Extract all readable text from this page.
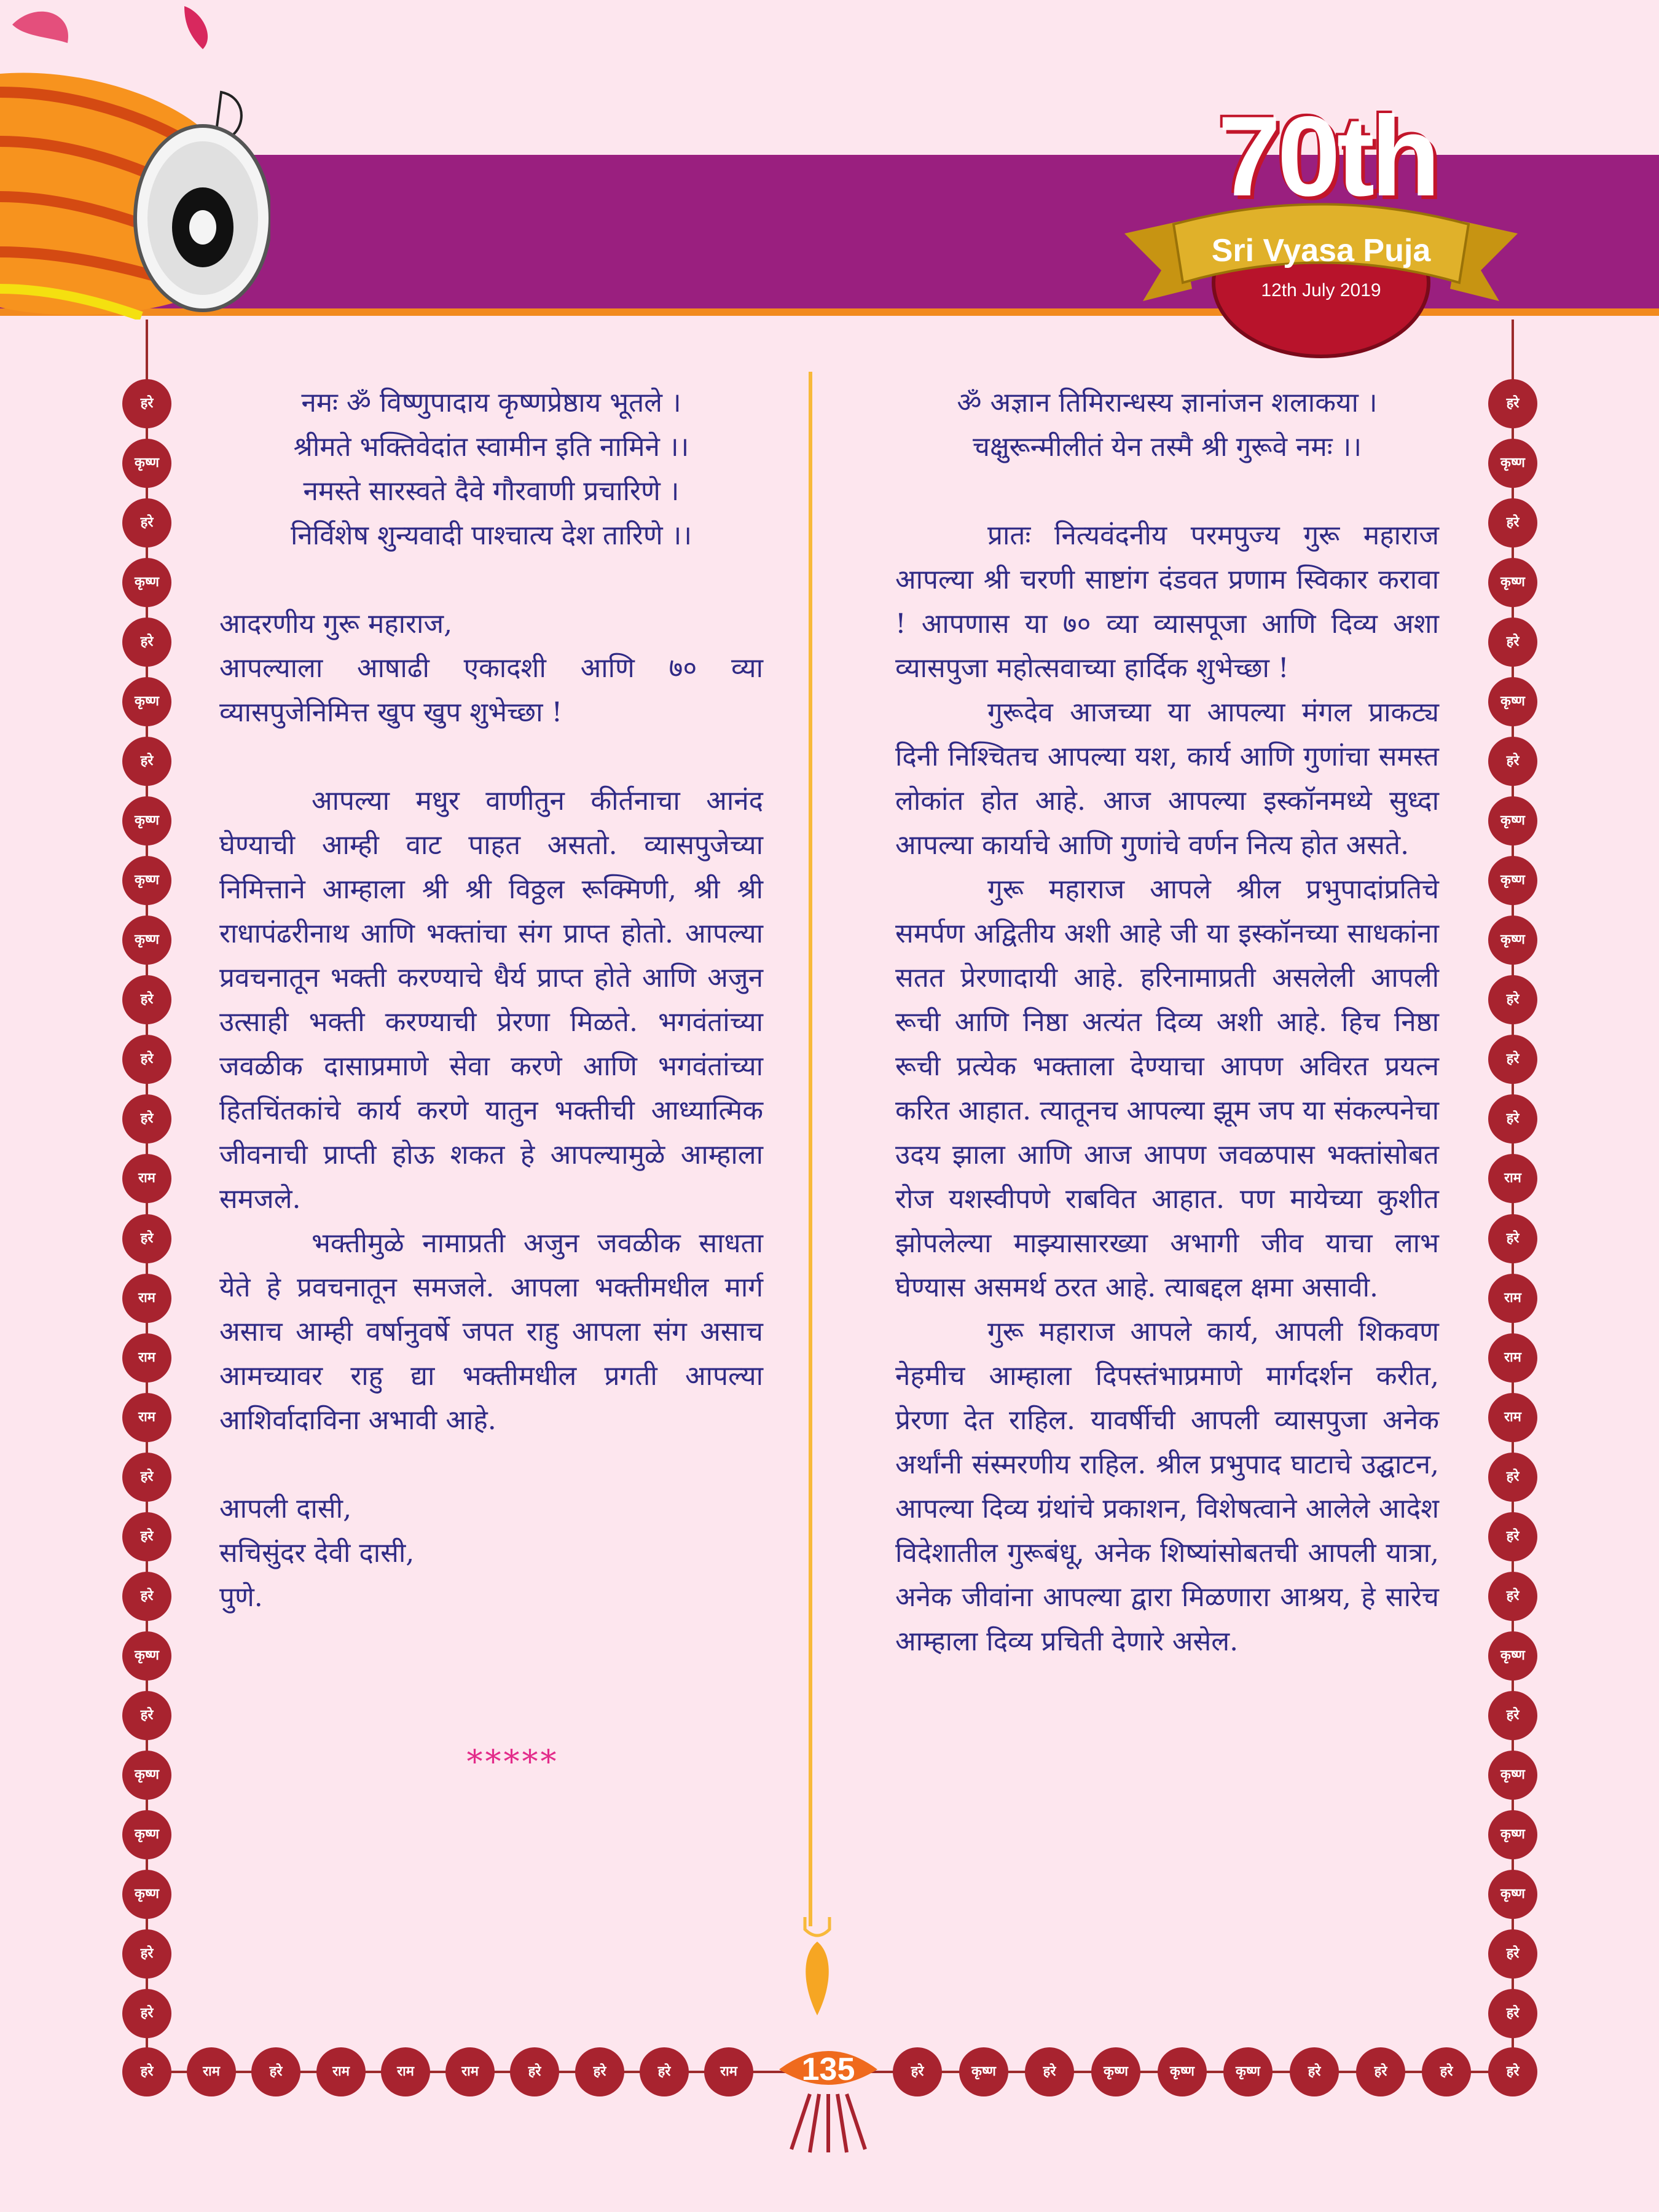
70th
Sri Vyasa Puja
12th July 2019
हरे
कृष्ण
हरे
कृष्ण
हरे
कृष्ण
हरे
कृष्ण
कृष्ण
कृष्ण
हरे
हरे
हरे
राम
हरे
राम
राम
राम
हरे
हरे
हरे
कृष्ण
हरे
कृष्ण
कृष्ण
कृष्ण
हरे
हरे
हरे
कृष्ण
हरे
कृष्ण
हरे
कृष्ण
हरे
कृष्ण
कृष्ण
कृष्ण
हरे
हरे
हरे
राम
हरे
राम
राम
राम
हरे
हरे
हरे
कृष्ण
हरे
कृष्ण
कृष्ण
कृष्ण
हरे
हरे
हरे	राम	हरे	राम	राम	राम	हरे	हरे	हरे	राम	हरे	कृष्ण	हरे	कृष्ण	कृष्ण	कृष्ण	हरे	हरे	हरे	हरे

नमः ॐ विष्णुपादाय कृष्णप्रेष्ठाय भूतले ।

श्रीमते भक्तिवेदांत स्वामीन इति नामिने ।।

नमस्ते सारस्वते दैवे गौरवाणी प्रचारिणे ।

निर्विशेष शुन्यवादी पाश्चात्य देश तारिणे ।।

आदरणीय गुरू महाराज,

आपल्याला आषाढी एकादशी आणि ७० व्या व्यासपुजेनिमित्त खुप खुप शुभेच्छा !

आपल्या मधुर वाणीतुन कीर्तनाचा आनंद घेण्याची आम्ही वाट पाहत असतो. व्यासपुजेच्या निमित्ताने आम्हाला श्री श्री विठ्ठल रूक्मिणी, श्री श्री राधापंढरीनाथ आणि भक्तांचा संग प्राप्त होतो. आपल्या प्रवचनातून भक्ती करण्याचे धैर्य प्राप्त होते आणि अजुन उत्साही भक्ती करण्याची प्रेरणा मिळते. भगवंतांच्या जवळीक दासाप्रमाणे सेवा करणे आणि भगवंतांच्या हितचिंतकांचे कार्य करणे यातुन भक्तीची आध्यात्मिक जीवनाची प्राप्ती होऊ शकत हे आपल्यामुळे आम्हाला समजले.

भक्तीमुळे नामाप्रती अजुन जवळीक साधता येते हे प्रवचनातून समजले. आपला भक्तीमधील मार्ग असाच आम्ही वर्षानुवर्षे जपत राहु आपला संग असाच आमच्यावर राहु द्या भक्तीमधील प्रगती आपल्या आशिर्वादाविना अभावी आहे.

आपली दासी,

सचिसुंदर देवी दासी,

पुणे.

*****

ॐ अज्ञान तिमिरान्धस्य ज्ञानांजन शलाकया ।

चक्षुरून्मीलीतं येन तस्मै श्री गुरूवे नमः ।।

प्रातः नित्यवंदनीय परमपुज्य गुरू महाराज आपल्या श्री चरणी साष्टांग दंडवत प्रणाम स्विकार करावा ! आपणास या ७० व्या व्यासपूजा आणि दिव्य अशा व्यासपुजा महोत्सवाच्या हार्दिक शुभेच्छा !

गुरूदेव आजच्या या आपल्या मंगल प्राकट्य दिनी निश्चितच आपल्या यश, कार्य आणि गुणांचा समस्त लोकांत होत आहे. आज आपल्या इस्कॉनमध्ये सुध्दा आपल्या कार्याचे आणि गुणांचे वर्णन नित्य होत असते.

गुरू महाराज आपले श्रील प्रभुपादांप्रतिचे समर्पण अद्वितीय अशी आहे जी या इस्कॉनच्या साधकांना सतत प्रेरणादायी आहे. हरिनामाप्रती असलेली आपली रूची आणि निष्ठा अत्यंत दिव्य अशी आहे. हिच निष्ठा रूची प्रत्येक भक्ताला देण्याचा आपण अविरत प्रयत्न करित आहात. त्यातूनच आपल्या झूम जप या संकल्पनेचा उदय झाला आणि आज आपण जवळपास भक्तांसोबत रोज यशस्वीपणे राबवित आहात. पण मायेच्या कुशीत झोपलेल्या माझ्यासारख्या अभागी जीव याचा लाभ घेण्यास असमर्थ ठरत आहे. त्याबद्दल क्षमा असावी.

गुरू महाराज आपले कार्य, आपली शिकवण नेहमीच आम्हाला दिपस्तंभाप्रमाणे मार्गदर्शन करीत, प्रेरणा देत राहिल. यावर्षीची आपली व्यासपुजा अनेक अर्थांनी संस्मरणीय राहिल. श्रील प्रभुपाद घाटाचे उद्घाटन, आपल्या दिव्य ग्रंथांचे प्रकाशन, विशेषत्वाने आलेले आदेश विदेशातील गुरूबंधू, अनेक शिष्यांसोबतची आपली यात्रा, अनेक जीवांना आपल्या द्वारा मिळणारा आश्रय, हे सारेच आम्हाला दिव्य प्रचिती देणारे असेल.

135
